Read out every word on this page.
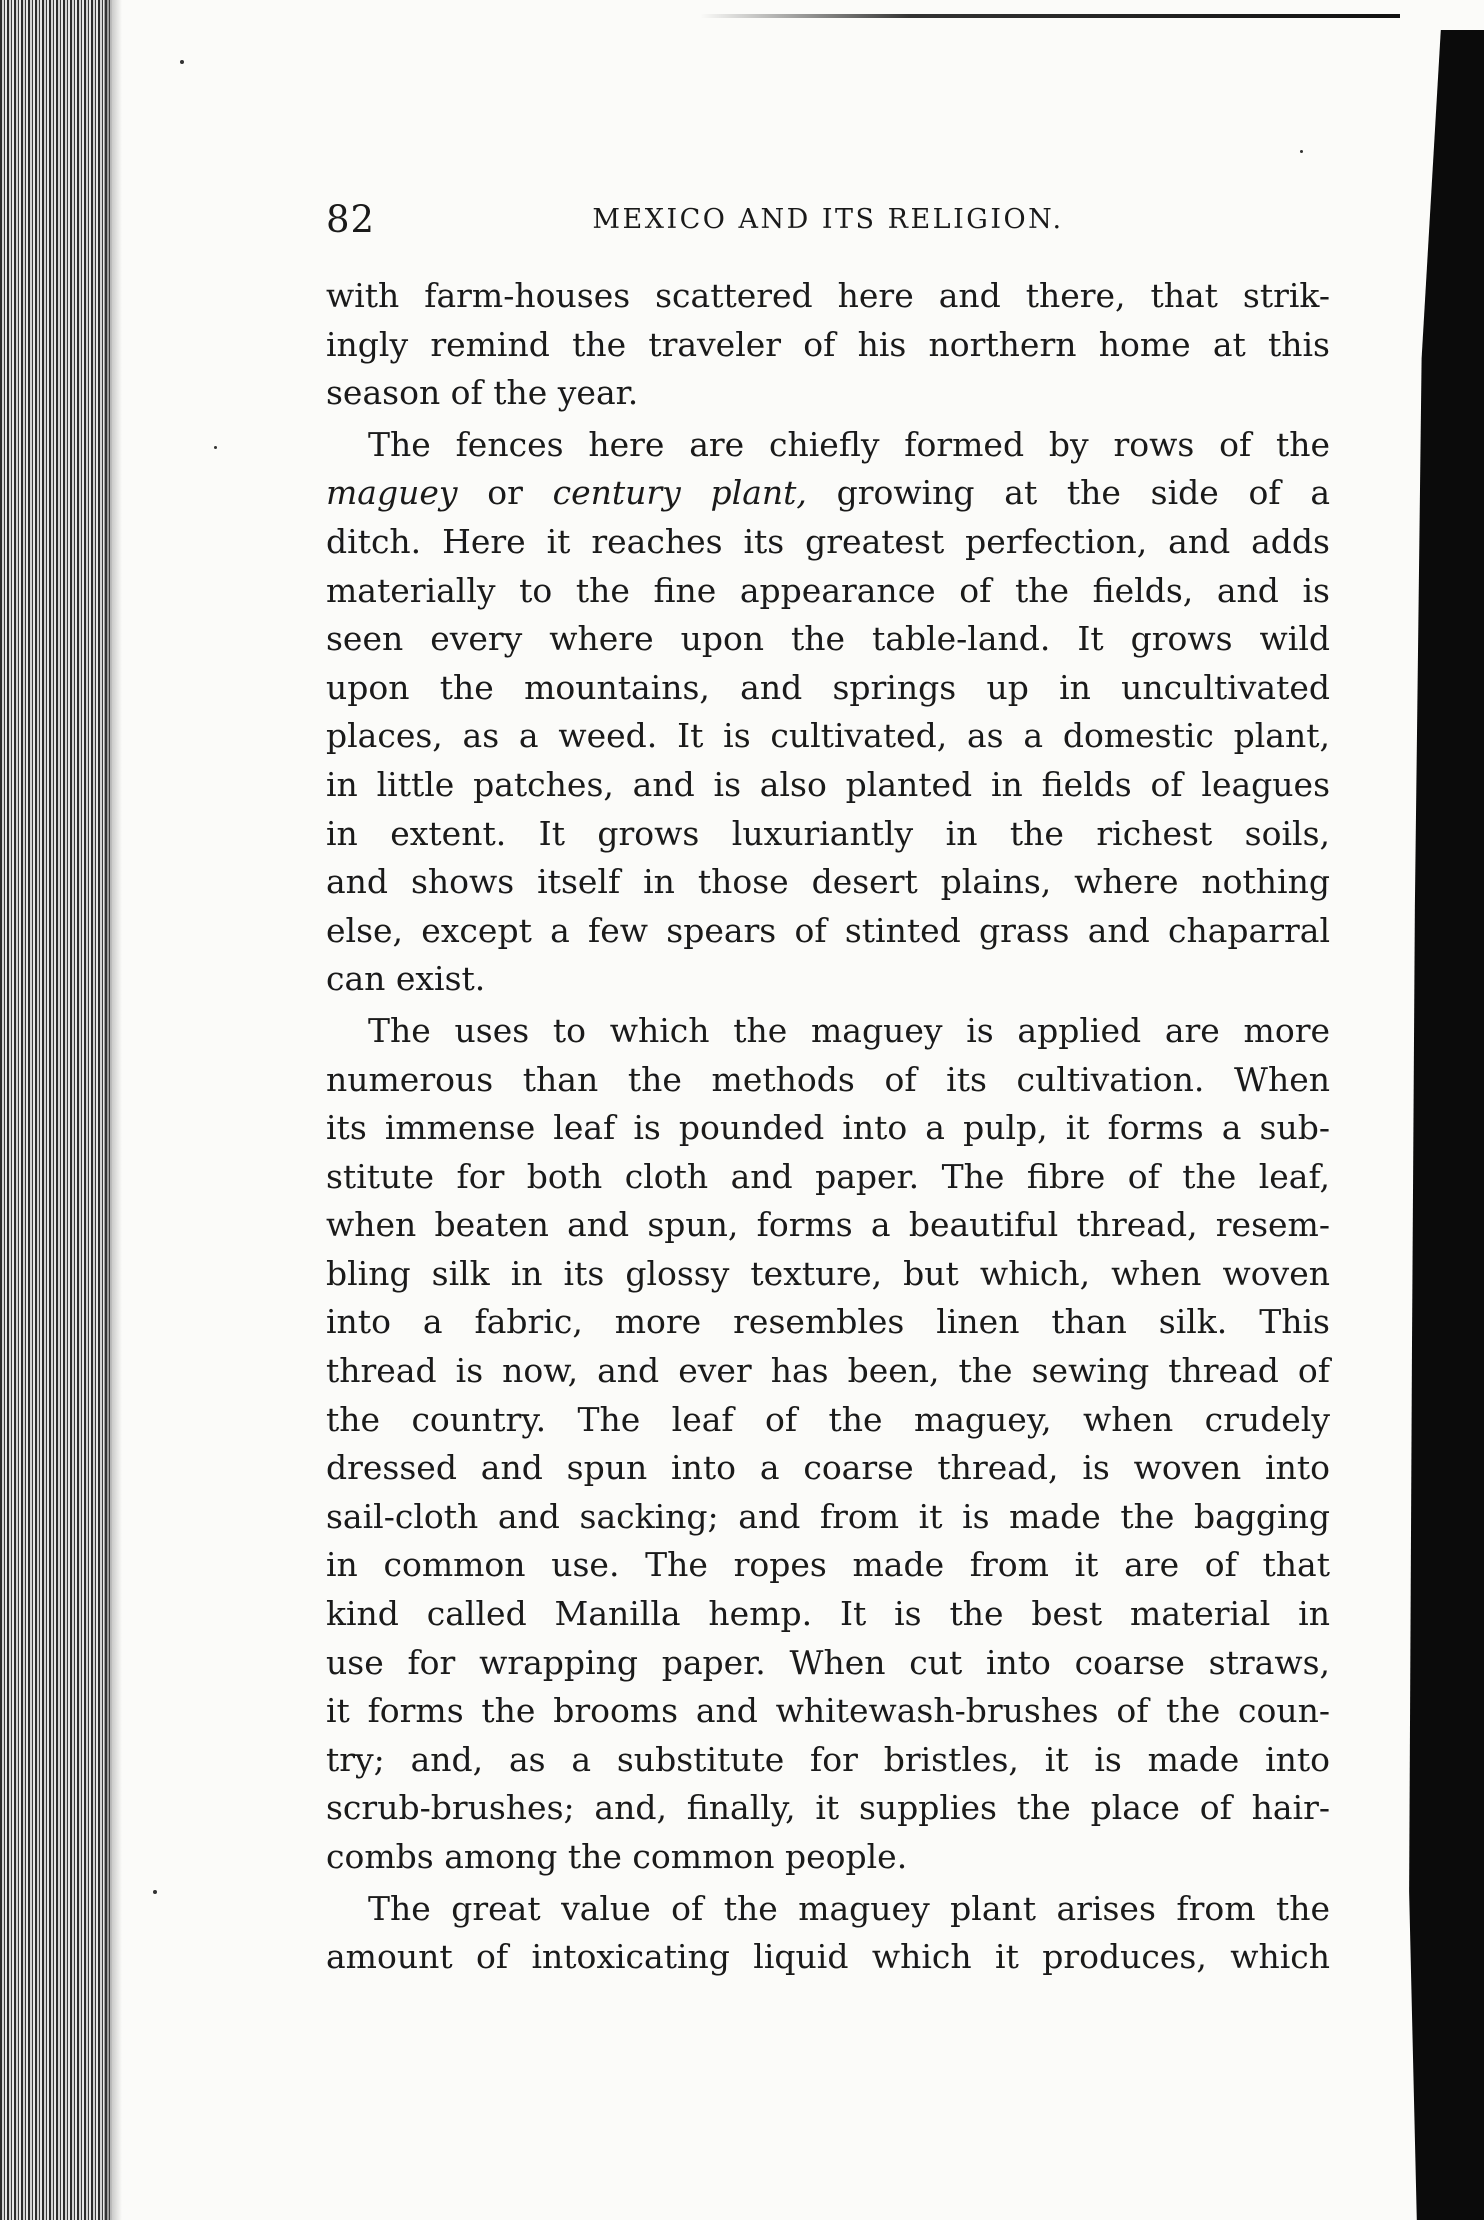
82	MEXICO AND ITS RELIGION.
with farm-houses scattered here and there, that strik-
ingly remind the traveler of his northern home at this
season of the year.
The fences here are chiefly formed by rows of the
maguey or century plant, growing at the side of a
ditch. Here it reaches its greatest perfection, and adds
materially to the fine appearance of the fields, and is
seen every where upon the table-land. It grows wild
upon the mountains, and springs up in uncultivated
places, as a weed. It is cultivated, as a domestic plant,
in little patches, and is also planted in fields of leagues
in extent. It grows luxuriantly in the richest soils,
and shows itself in those desert plains, where nothing
else, except a few spears of stinted grass and chaparral
can exist.
The uses to which the maguey is applied are more
numerous than the methods of its cultivation. When
its immense leaf is pounded into a pulp, it forms a sub-
stitute for both cloth and paper. The fibre of the leaf,
when beaten and spun, forms a beautiful thread, resem-
bling silk in its glossy texture, but which, when woven
into a fabric, more resembles linen than silk. This
thread is now, and ever has been, the sewing thread of
the country. The leaf of the maguey, when crudely
dressed and spun into a coarse thread, is woven into
sail-cloth and sacking; and from it is made the bagging
in common use. The ropes made from it are of that
kind called Manilla hemp. It is the best material in
use for wrapping paper. When cut into coarse straws,
it forms the brooms and whitewash-brushes of the coun-
try; and, as a substitute for bristles, it is made into
scrub-brushes; and, finally, it supplies the place of hair-
combs among the common people.
The great value of the maguey plant arises from the
amount of intoxicating liquid which it produces, which
